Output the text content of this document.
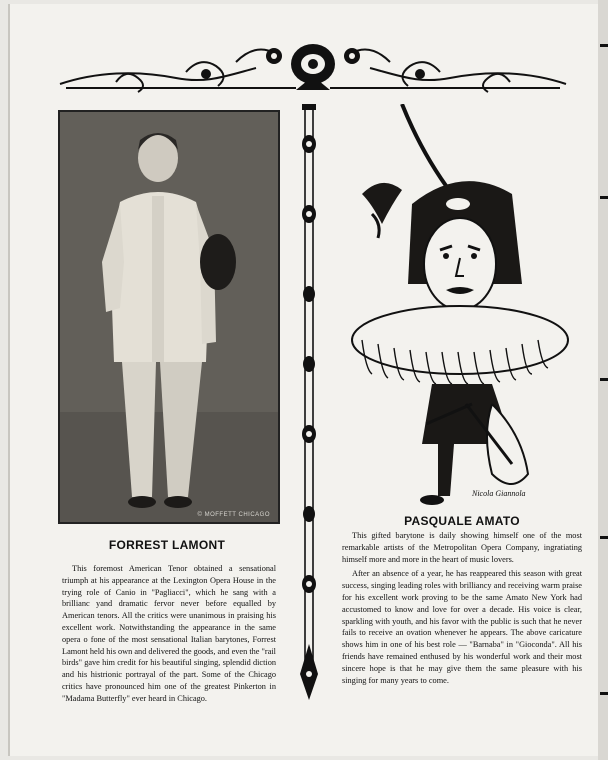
© MOFFETT CHICAGO
Nicola Giannola
FORREST LAMONT

This foremost American Tenor obtained a sensational triumph at his appearance at the Lexington Opera House in the trying role of Canio in "Pagliacci", which he sang with a brillianc yand dramatic fervor never before equalled by American tenors. All the critics were unanimous in praising his excellent work. Notwithstanding the appearance in the same opera o fone of the most sensational Italian barytones, Forrest Lamont held his own and delivered the goods, and even the "rail birds" gave him credit for his beautiful singing, splendid diction and his histrionic portrayal of the part. Some of the Chicago critics have pronounced him one of the greatest Pinkerton in "Madama Butterfly" ever heard in Chicago.

PASQUALE AMATO

This gifted barytone is daily showing himself one of the most remarkable artists of the Metropolitan Opera Company, ingratiating himself more and more in the heart of music lovers.

After an absence of a year, he has reappeared this season with great success, singing leading roles with brilliancy and receiving warm praise for his excellent work proving to be the same Amato New York had accustomed to know and love for over a decade. His voice is clear, sparkling with youth, and his favor with the public is such that he never fails to receive an ovation whenever he appears. The above caricature shows him in one of his best role — "Barnaba" in "Gioconda". All his friends have remained enthused by his wonderful work and their most sincere hope is that he may give them the same pleasure with his singing for many years to come.
